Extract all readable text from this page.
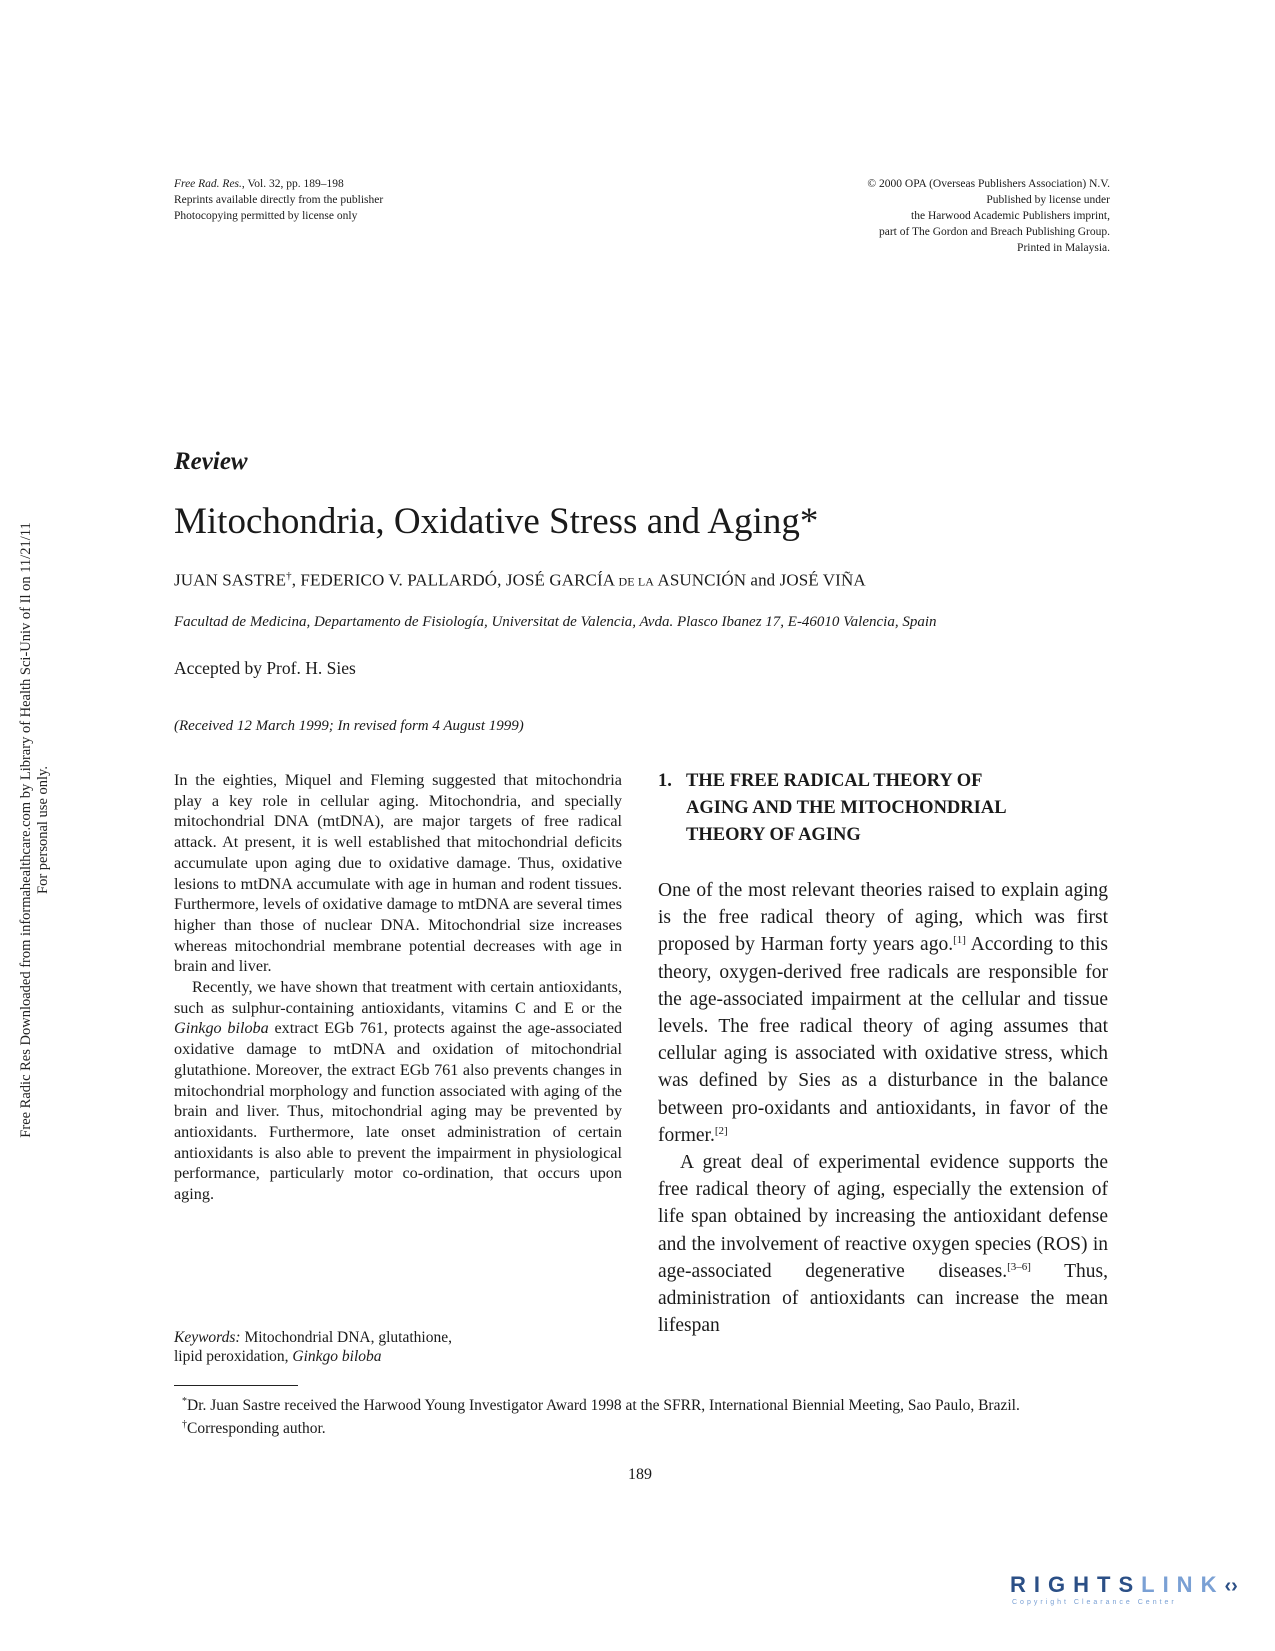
Free Rad. Res., Vol. 32, pp. 189–198
Reprints available directly from the publisher
Photocopying permitted by license only
© 2000 OPA (Overseas Publishers Association) N.V.
Published by license under
the Harwood Academic Publishers imprint,
part of The Gordon and Breach Publishing Group.
Printed in Malaysia.
Free Radic Res Downloaded from informahealthcare.com by Library of Health Sci-Univ of Il on 11/21/11 For personal use only.
Review
Mitochondria, Oxidative Stress and Aging*
JUAN SASTRE†, FEDERICO V. PALLARDÓ, JOSÉ GARCÍA DE LA ASUNCIÓN and JOSÉ VIÑA
Facultad de Medicina, Departamento de Fisiología, Universitat de Valencia, Avda. Plasco Ibanez 17, E-46010 Valencia, Spain
Accepted by Prof. H. Sies
(Received 12 March 1999; In revised form 4 August 1999)

In the eighties, Miquel and Fleming suggested that mitochondria play a key role in cellular aging. Mitochondria, and specially mitochondrial DNA (mtDNA), are major targets of free radical attack. At present, it is well established that mitochondrial deficits accumulate upon aging due to oxidative damage. Thus, oxidative lesions to mtDNA accumulate with age in human and rodent tissues. Furthermore, levels of oxidative damage to mtDNA are several times higher than those of nuclear DNA. Mitochondrial size increases whereas mitochondrial membrane potential decreases with age in brain and liver.

Recently, we have shown that treatment with certain antioxidants, such as sulphur-containing antioxidants, vitamins C and E or the Ginkgo biloba extract EGb 761, protects against the age-associated oxidative damage to mtDNA and oxidation of mitochondrial glutathione. Moreover, the extract EGb 761 also prevents changes in mitochondrial morphology and function associated with aging of the brain and liver. Thus, mitochondrial aging may be prevented by antioxidants. Furthermore, late onset administration of certain antioxidants is also able to prevent the impairment in physiological performance, particularly motor co-ordination, that occurs upon aging.

Keywords: Mitochondrial DNA, glutathione,
lipid peroxidation, Ginkgo biloba
1. THE FREE RADICAL THEORY OF
AGING AND THE MITOCHONDRIAL
THEORY OF AGING

One of the most relevant theories raised to explain aging is the free radical theory of aging, which was first proposed by Harman forty years ago.[1] According to this theory, oxygen-derived free radicals are responsible for the age-associated impairment at the cellular and tissue levels. The free radical theory of aging assumes that cellular aging is associated with oxidative stress, which was defined by Sies as a disturbance in the balance between pro-oxidants and antioxidants, in favor of the former.[2]

A great deal of experimental evidence supports the free radical theory of aging, especially the extension of life span obtained by increasing the antioxidant defense and the involvement of reactive oxygen species (ROS) in age-associated degenerative diseases.[3–6] Thus, administration of antioxidants can increase the mean lifespan

*Dr. Juan Sastre received the Harwood Young Investigator Award 1998 at the SFRR, International Biennial Meeting, Sao Paulo, Brazil.

†Corresponding author.

189
RIGHTSLINK‹›
Copyright Clearance Center
